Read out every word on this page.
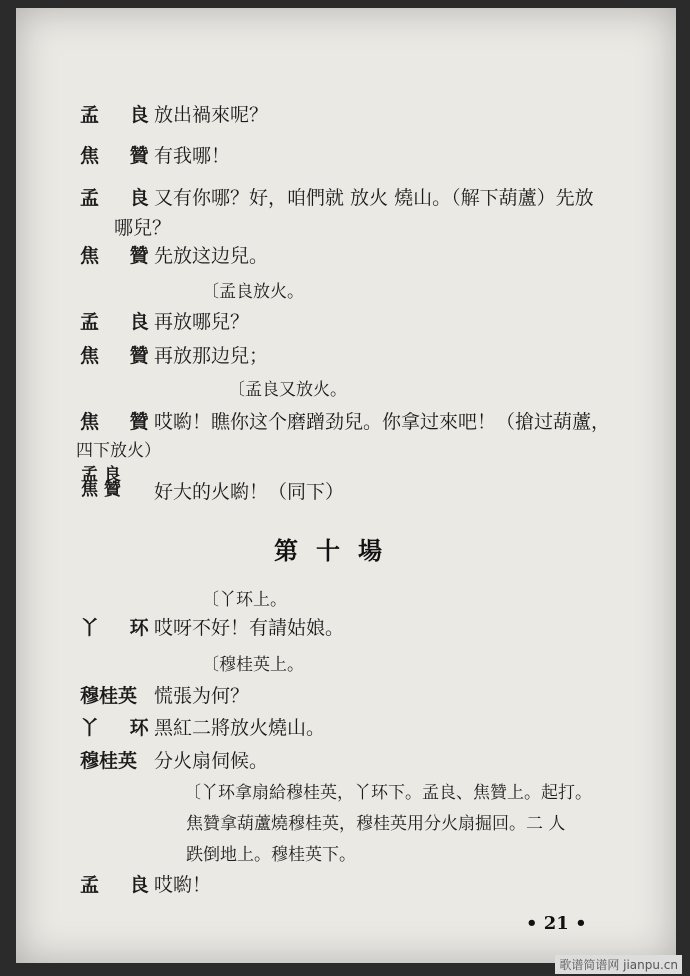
孟 良
放出禍來呢？
焦 贊
有我哪！
孟 良
又有你哪？好，咱們就 放火 燒山。（解下葫蘆）先放
哪兒？
焦 贊
先放这边兒。
〔孟良放火。
孟 良
再放哪兒？
焦 贊
再放那边兒；
〔孟良又放火。
焦 贊
哎喲！瞧你这个磨蹭劲兒。你拿过來吧！（搶过葫蘆，
四下放火）
孟 良
焦 贊 好大的火喲！（同下）
第十場
〔丫环上。
丫 环
哎呀不好！有請姑娘。
〔穆桂英上。
穆桂英 慌張为何？
丫 环
黑紅二將放火燒山。
穆桂英 分火扇伺候。
〔丫环拿扇給穆桂英，丫环下。孟良、焦贊上。起打。
焦贊拿葫蘆燒穆桂英，穆桂英用分火扇掘回。二 人
跌倒地上。穆桂英下。
孟 良
哎喲！
• 21 •
歌谱简谱网 jianpu.cn
